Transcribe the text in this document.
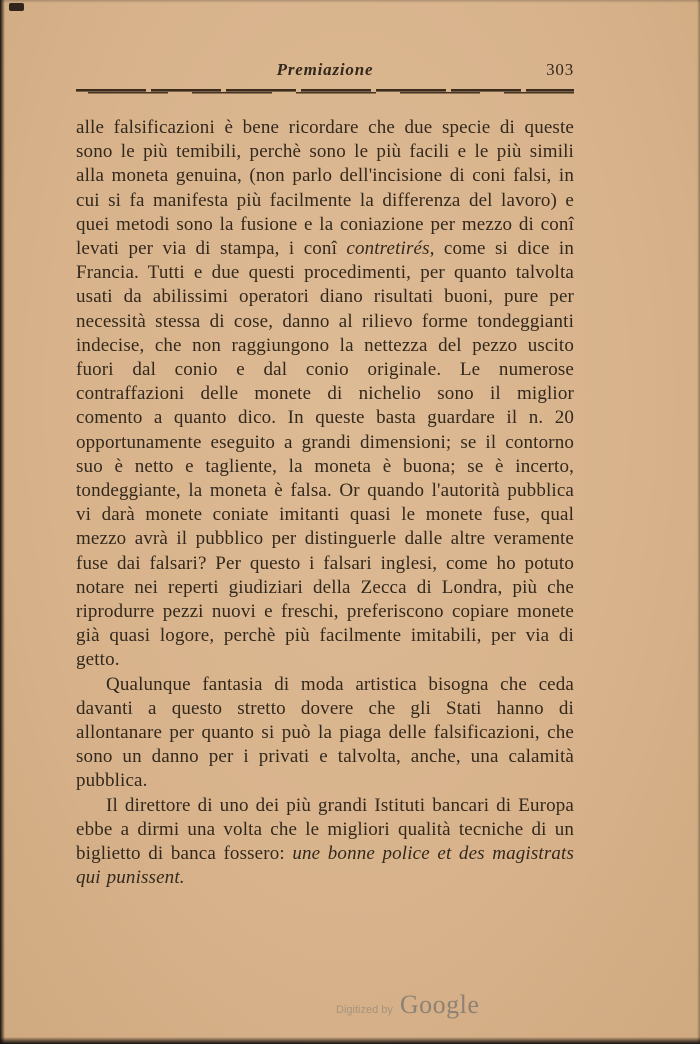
Premiazione	303

alle falsificazioni è bene ricordare che due specie di queste sono le più temibili, perchè sono le più facili e le più simili alla moneta genuina, (non parlo dell'incisione di coni falsi, in cui si fa manifesta più facilmente la differenza del lavoro) e quei metodi sono la fusione e la coniazione per mezzo di conî levati per via di stampa, i conî contretirés, come si dice in Francia. Tutti e due questi procedimenti, per quanto talvolta usati da abilissimi operatori diano risultati buoni, pure per necessità stessa di cose, danno al rilievo forme tondeggianti indecise, che non raggiungono la nettezza del pezzo uscito fuori dal conio e dal conio originale. Le numerose contraffazioni delle monete di nichelio sono il miglior comento a quanto dico. In queste basta guardare il n. 20 opportunamente eseguito a grandi dimensioni; se il contorno suo è netto e tagliente, la moneta è buona; se è incerto, tondeggiante, la moneta è falsa. Or quando l'autorità pubblica vi darà monete coniate imitanti quasi le monete fuse, qual mezzo avrà il pubblico per distinguerle dalle altre veramente fuse dai falsari? Per questo i falsari inglesi, come ho potuto notare nei reperti giudiziari della Zecca di Londra, più che riprodurre pezzi nuovi e freschi, preferiscono copiare monete già quasi logore, perchè più facilmente imitabili, per via di getto.

Qualunque fantasia di moda artistica bisogna che ceda davanti a questo stretto dovere che gli Stati hanno di allontanare per quanto si può la piaga delle falsificazioni, che sono un danno per i privati e talvolta, anche, una calamità pubblica.

Il direttore di uno dei più grandi Istituti bancari di Europa ebbe a dirmi una volta che le migliori qualità tecniche di un biglietto di banca fossero: une bonne police et des magistrats qui punissent.

Digitized by Google
